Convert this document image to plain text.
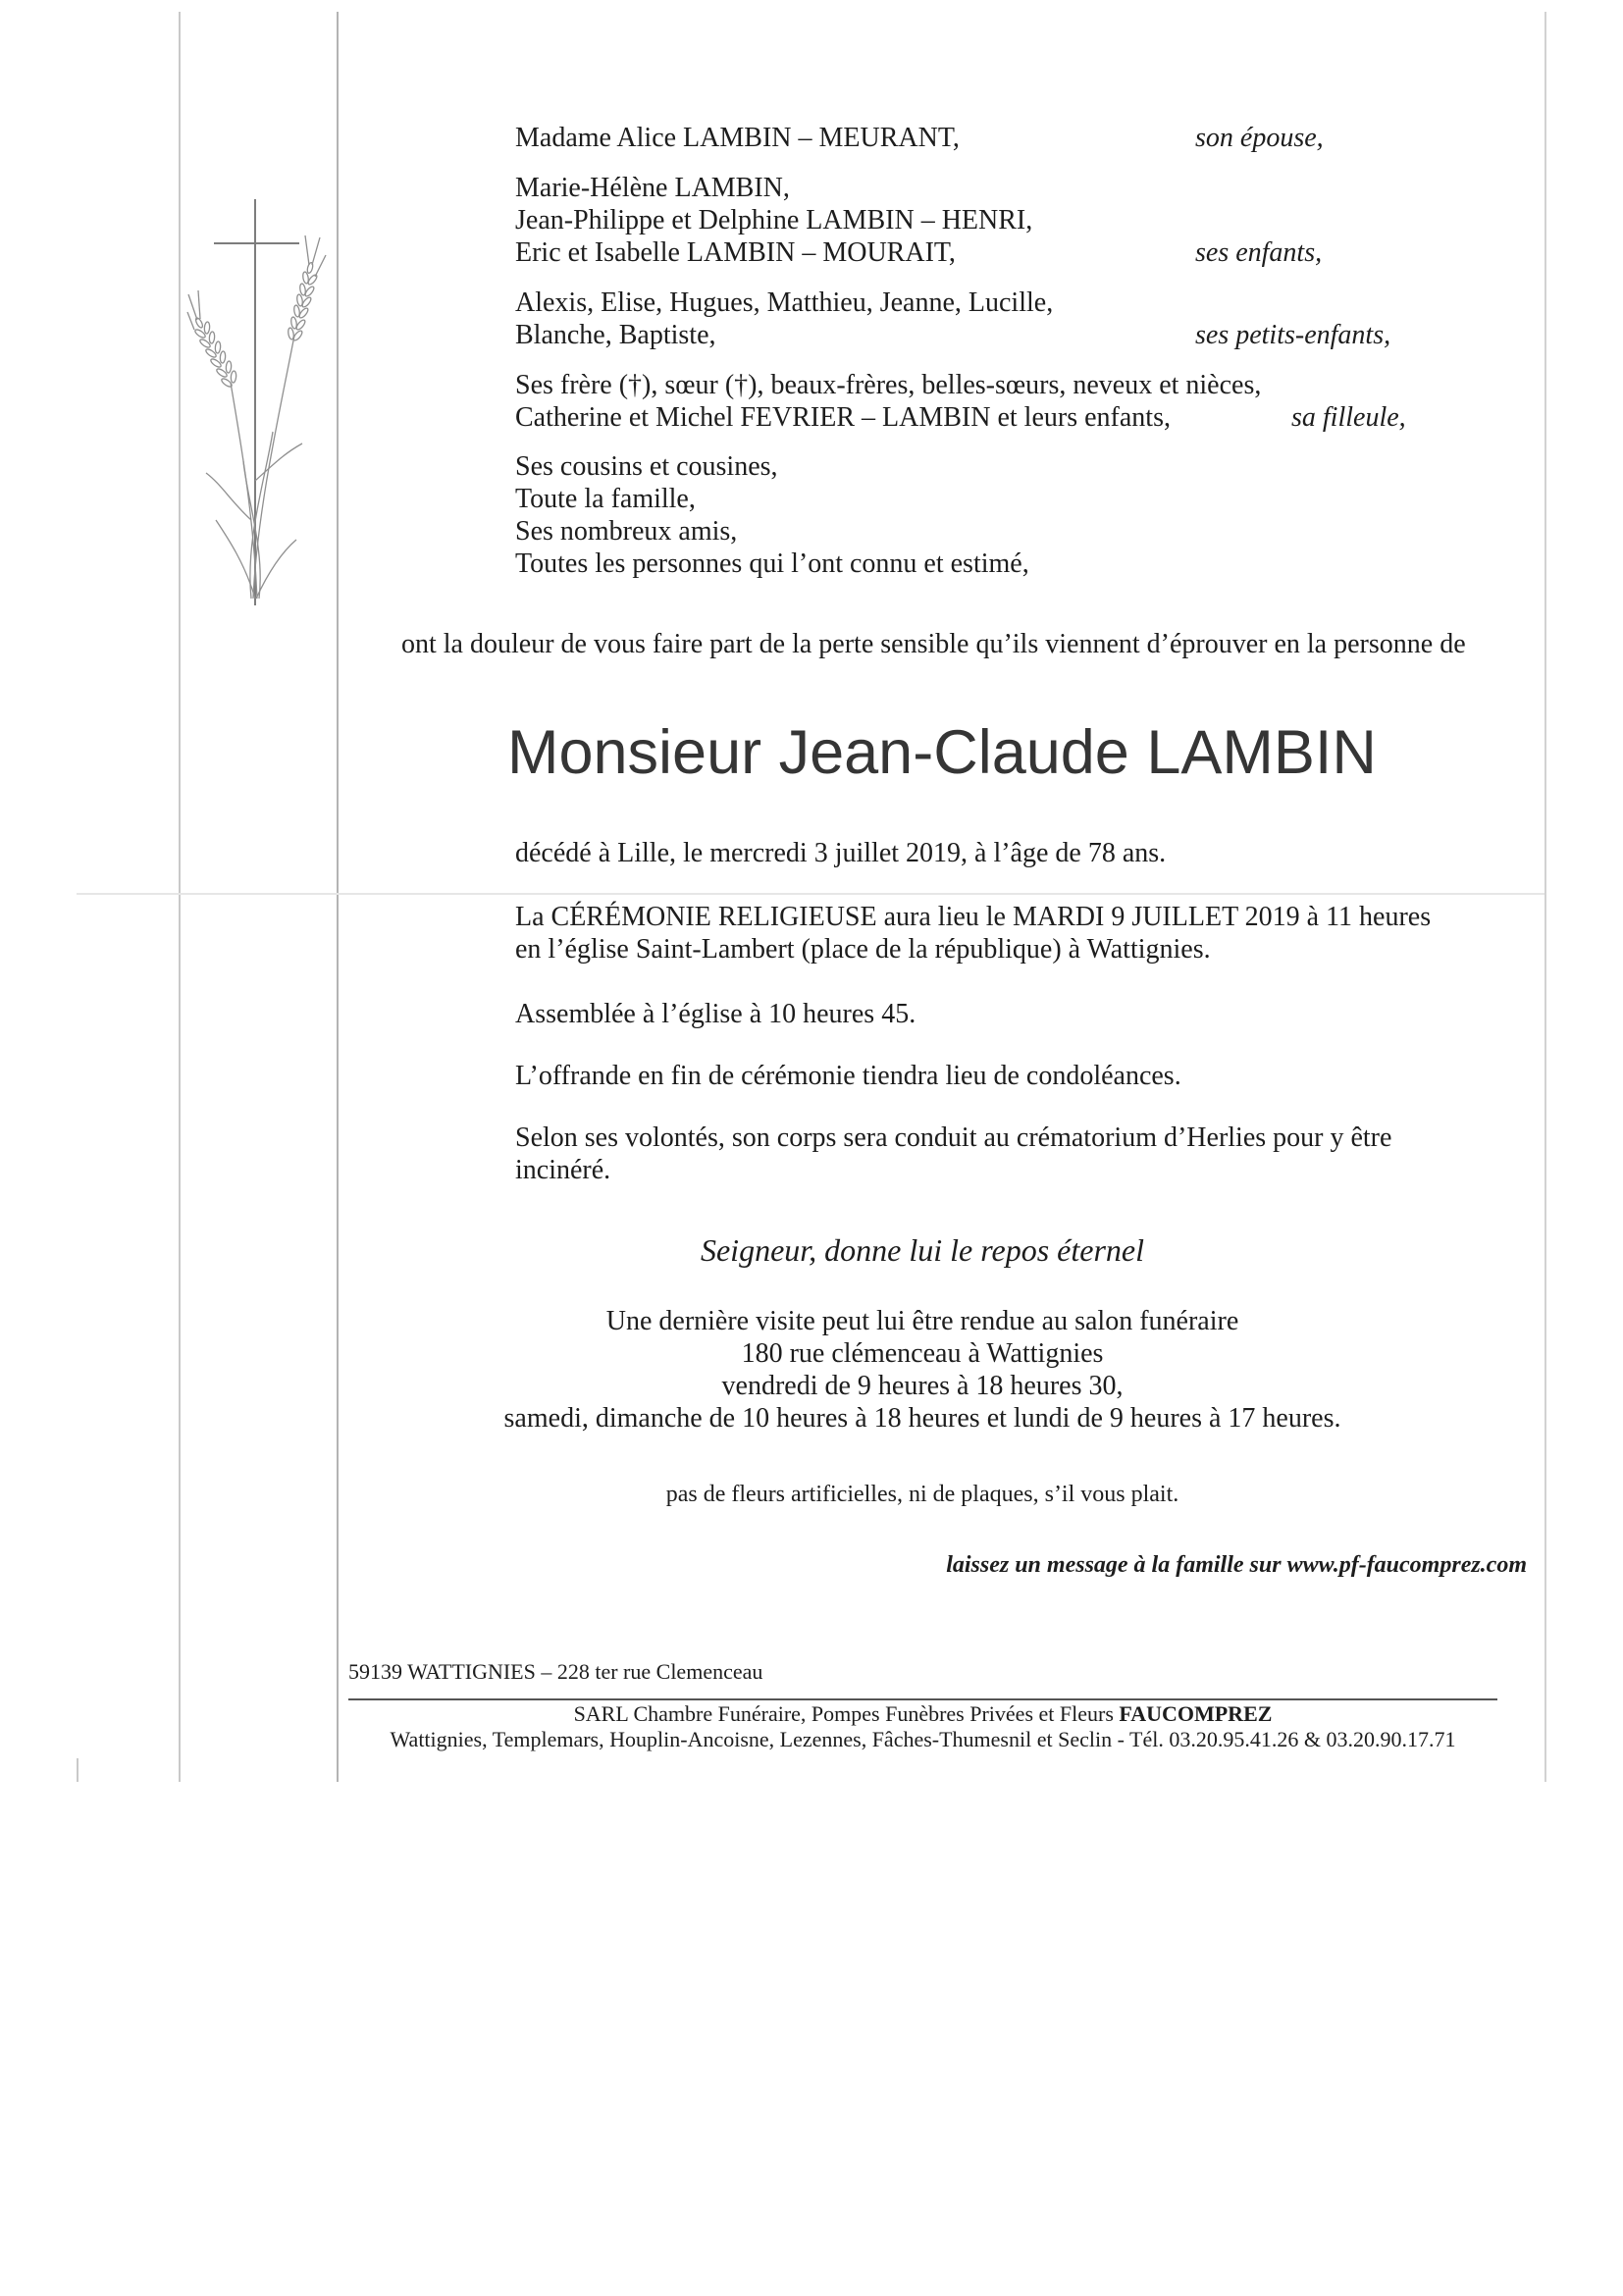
Madame Alice LAMBIN – MEURANT,	son épouse,
Marie-Hélène LAMBIN,
Jean-Philippe et Delphine LAMBIN – HENRI,
Eric et Isabelle LAMBIN – MOURAIT,	ses enfants,
Alexis, Elise, Hugues, Matthieu, Jeanne, Lucille,
Blanche, Baptiste,	ses petits-enfants,
Ses frère (†), sœur (†), beaux-frères, belles-sœurs, neveux et nièces,
Catherine et Michel FEVRIER – LAMBIN et leurs enfants,	sa filleule,
Ses cousins et cousines,
Toute la famille,
Ses nombreux amis,
Toutes les personnes qui l’ont connu et estimé,
ont la douleur de vous faire part de la perte sensible qu’ils viennent d’éprouver en la personne de
Monsieur Jean-Claude LAMBIN
décédé à Lille, le mercredi 3 juillet 2019, à l’âge de 78 ans.
La CÉRÉMONIE RELIGIEUSE aura lieu le MARDI 9 JUILLET 2019 à 11 heures
en l’église Saint-Lambert (place de la république) à Wattignies.
Assemblée à l’église à 10 heures 45.
L’offrande en fin de cérémonie tiendra lieu de condoléances.
Selon ses volontés, son corps sera conduit au crématorium d’Herlies pour y être
incinéré.
Seigneur, donne lui le repos éternel
Une dernière visite peut lui être rendue au salon funéraire
180 rue clémenceau à Wattignies
vendredi de 9 heures à 18 heures 30,
samedi, dimanche de 10 heures à 18 heures et lundi de 9 heures à 17 heures.
pas de fleurs artificielles, ni de plaques, s’il vous plait.
laissez un message à la famille sur www.pf-faucomprez.com
59139 WATTIGNIES – 228 ter rue Clemenceau
SARL Chambre Funéraire, Pompes Funèbres Privées et Fleurs FAUCOMPREZ
Wattignies, Templemars, Houplin-Ancoisne, Lezennes, Fâches-Thumesnil et Seclin - Tél. 03.20.95.41.26 & 03.20.90.17.71
